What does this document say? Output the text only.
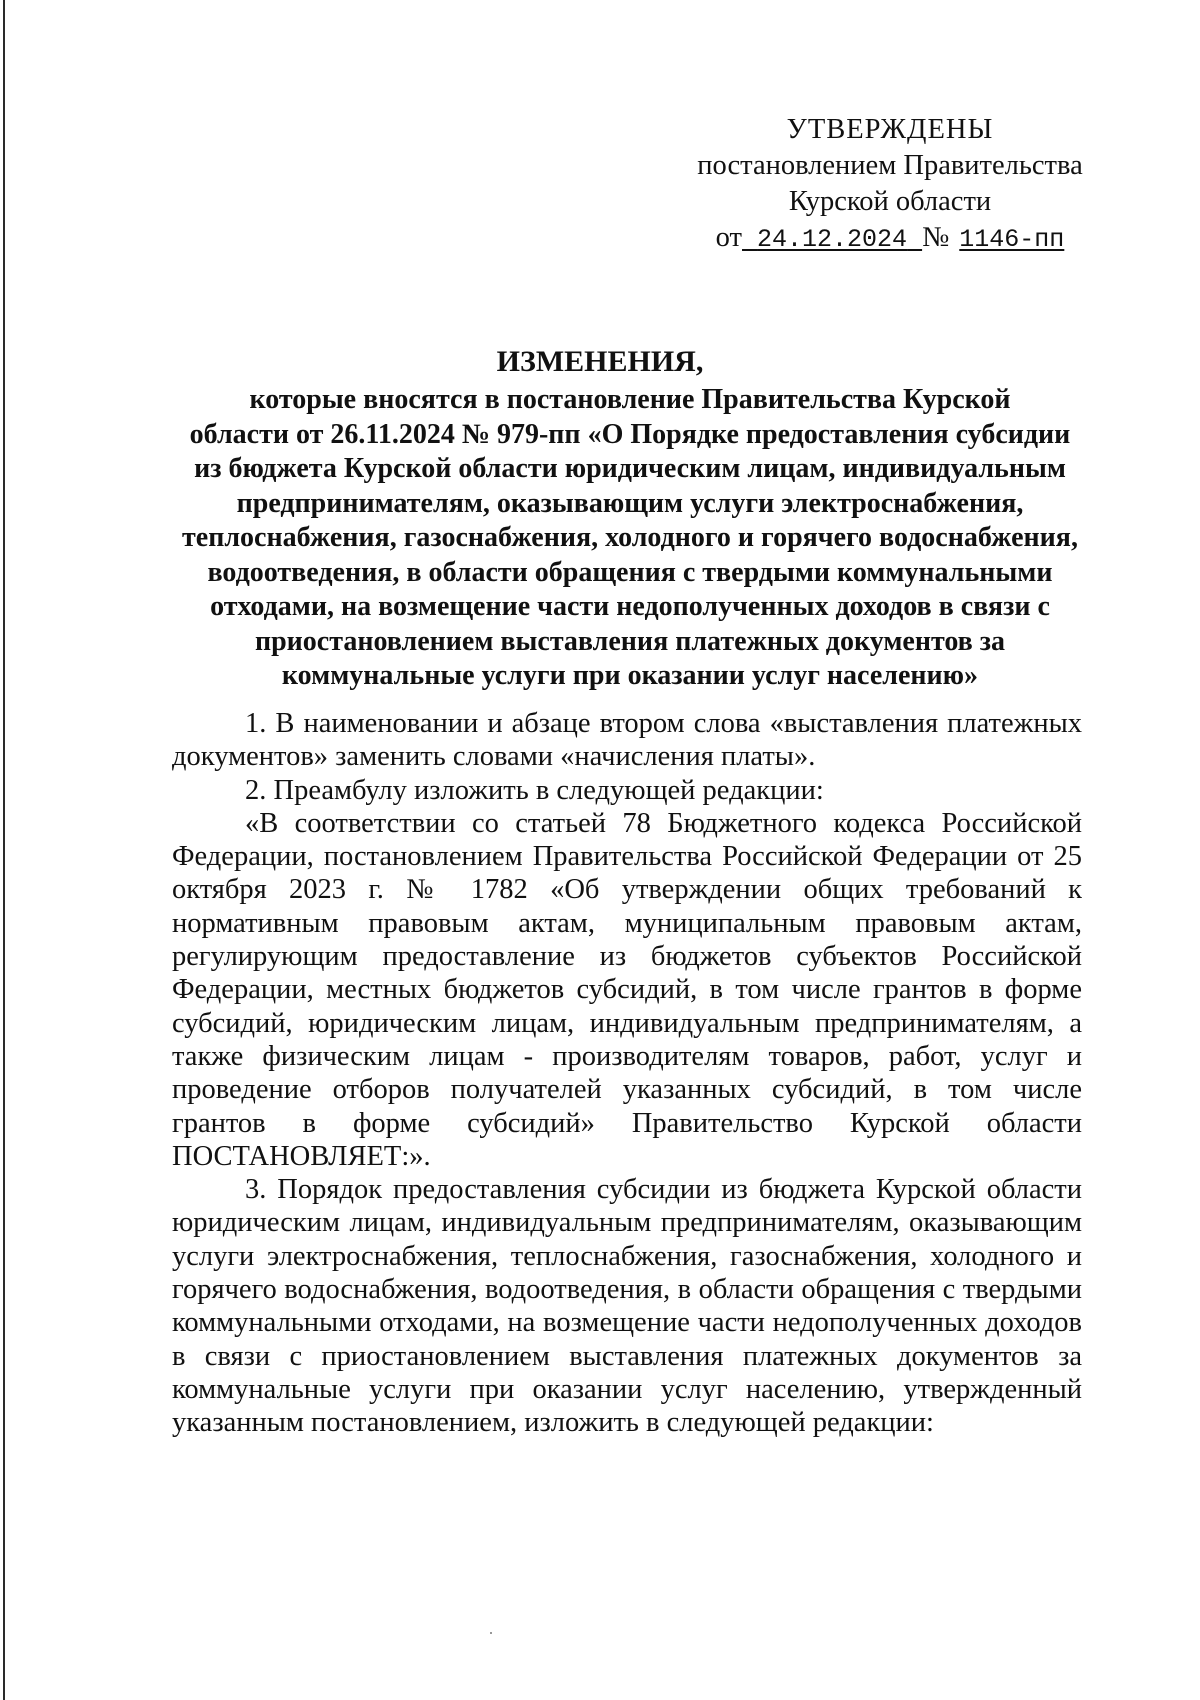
УТВЕРЖДЕНЫ
постановлением Правительства
Курской области
от 24.12.2024 № 1146-пп
ИЗМЕНЕНИЯ,
которые вносятся в постановление Правительства Курской
области от 26.11.2024 № 979-пп «О Порядке предоставления субсидии
из бюджета Курской области юридическим лицам, индивидуальным
предпринимателям, оказывающим услуги электроснабжения,
теплоснабжения, газоснабжения, холодного и горячего водоснабжения,
водоотведения, в области обращения с твердыми коммунальными
отходами, на возмещение части недополученных доходов в связи с
приостановлением выставления платежных документов за
коммунальные услуги при оказании услуг населению»

1. В наименовании и абзаце втором слова «выставления платежных документов» заменить словами «начисления платы».

2. Преамбулу изложить в следующей редакции:

«В соответствии со статьей 78 Бюджетного кодекса Российской Федерации, постановлением Правительства Российской Федерации от 25 октября 2023 г. № 1782 «Об утверждении общих требований к нормативным правовым актам, муниципальным правовым актам, регулирующим предоставление из бюджетов субъектов Российской Федерации, местных бюджетов субсидий, в том числе грантов в форме субсидий, юридическим лицам, индивидуальным предпринимателям, а также физическим лицам - производителям товаров, работ, услуг и проведение отборов получателей указанных субсидий, в том числе грантов в форме субсидий» Правительство Курской области ПОСТАНОВЛЯЕТ:».

3. Порядок предоставления субсидии из бюджета Курской области юридическим лицам, индивидуальным предпринимателям, оказывающим услуги электроснабжения, теплоснабжения, газоснабжения, холодного и горячего водоснабжения, водоотведения, в области обращения с твердыми коммунальными отходами, на возмещение части недополученных доходов в связи с приостановлением выставления платежных документов за коммунальные услуги при оказании услуг населению, утвержденный указанным постановлением, изложить в следующей редакции:
